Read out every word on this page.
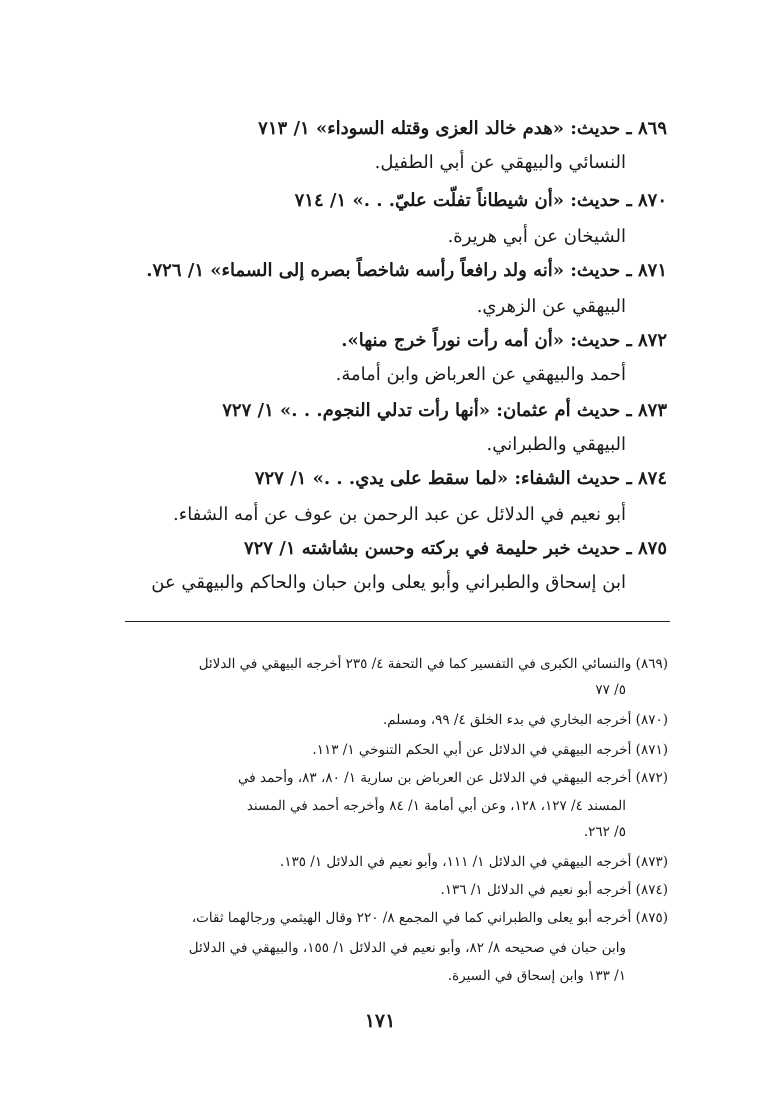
٨٦٩ ـ حديث: «هدم خالد العزى وقتله السوداء» ١/ ٧١٣
النسائي والبيهقي عن أبي الطفيل.
٨٧٠ ـ حديث: «أن شيطاناً تفلّت عليّ. . .» ١/ ٧١٤
الشيخان عن أبي هريرة.
٨٧١ ـ حديث: «أنه ولد رافعاً رأسه شاخصاً بصره إلى السماء» ١/ ٧٢٦.
البيهقي عن الزهري.
٨٧٢ ـ حديث: «أن أمه رأت نوراً خرج منها».
أحمد والبيهقي عن العرباض وابن أمامة.
٨٧٣ ـ حديث أم عثمان: «أنها رأت تدلي النجوم. . .» ١/ ٧٢٧
البيهقي والطبراني.
٨٧٤ ـ حديث الشفاء: «لما سقط على يدي. . .» ١/ ٧٢٧
أبو نعيم في الدلائل عن عبد الرحمن بن عوف عن أمه الشفاء.
٨٧٥ ـ حديث خبر حليمة في بركته وحسن بشاشته ١/ ٧٢٧
ابن إسحاق والطبراني وأبو يعلى وابن حبان والحاكم والبيهقي عن
(٨٦٩) والنسائي الكبرى في التفسير كما في التحفة ٤/ ٢٣٥ أخرجه البيهقي في الدلائل
٥/ ٧٧
(٨٧٠) أخرجه البخاري في بدء الخلق ٤/ ٩٩، ومسلم.
(٨٧١) أخرجه البيهقي في الدلائل عن أبي الحكم التنوخي ١/ ١١٣.
(٨٧٢) أخرجه البيهقي في الدلائل عن العرباض بن سارية ١/ ٨٠، ٨٣، وأحمد في
المسند ٤/ ١٢٧، ١٢٨، وعن أبي أمامة ١/ ٨٤ وأخرجه أحمد في المسند
٥/ ٢٦٢.
(٨٧٣) أخرجه البيهقي في الدلائل ١/ ١١١، وأبو نعيم في الدلائل ١/ ١٣٥.
(٨٧٤) أخرجه أبو نعيم في الدلائل ١/ ١٣٦.
(٨٧٥) أخرجه أبو يعلى والطبراني كما في المجمع ٨/ ٢٢٠ وقال الهيثمي ورجالهما ثقات،
وابن حبان في صحيحه ٨/ ٨٢، وأبو نعيم في الدلائل ١/ ١٥٥، والبيهقي في الدلائل
١/ ١٣٣ وابن إسحاق في السيرة.
١٧١
